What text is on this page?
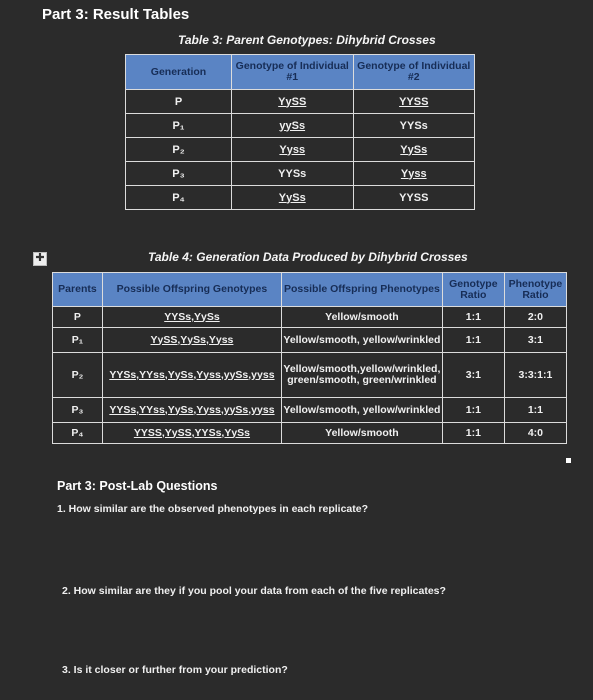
Part 3: Result Tables
Table 3: Parent Genotypes: Dihybrid Crosses
Generation	Genotype of Individual #1	Genotype of Individual #2
P	YySS	YYSS
P₁	yySs	YYSs
P₂	Yyss	YySs
P₃	YYSs	Yyss
P₄	YySs	YYSS
✚	Table 4: Generation Data Produced by Dihybrid Crosses
Parents	Possible Offspring Genotypes	Possible Offspring Phenotypes	Genotype Ratio	Phenotype Ratio
P	YYSs,YySs	Yellow/smooth	1:1	2:0
P₁	YySS,YySs,Yyss	Yellow/smooth, yellow/wrinkled	1:1	3:1
P₂	YYSs,YYss,YySs,Yyss,yySs,yyss	Yellow/smooth,yellow/wrinkled, green/smooth, green/wrinkled	3:1	3:3:1:1
P₃	YYSs,YYss,YySs,Yyss,yySs,yyss	Yellow/smooth, yellow/wrinkled	1:1	1:1
P₄	YYSS,YySS,YYSs,YySs	Yellow/smooth	1:1	4:0
Part 3: Post-Lab Questions
1. How similar are the observed phenotypes in each replicate?
2. How similar are they if you pool your data from each of the five replicates?
3. Is it closer or further from your prediction?
